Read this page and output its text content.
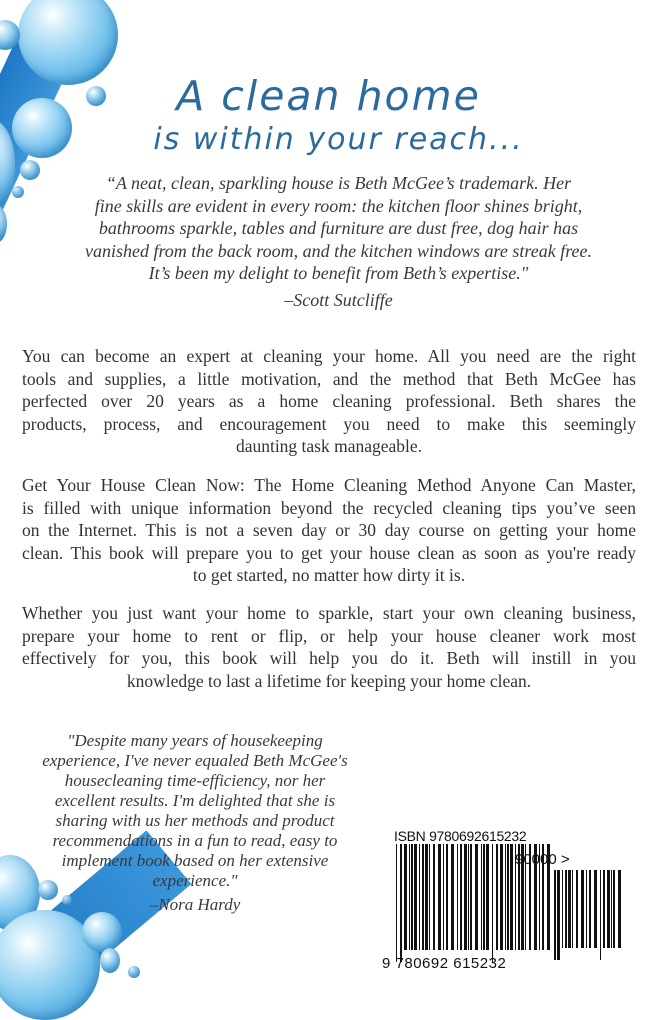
A clean home
is within your reach...
“A neat, clean, sparkling house is Beth McGee’s trademark. Her
fine skills are evident in every room: the kitchen floor shines bright,
bathrooms sparkle, tables and furniture are dust free, dog hair has
vanished from the back room, and the kitchen windows are streak free.
It’s been my delight to benefit from Beth’s expertise."
–Scott Sutcliffe
You can become an expert at cleaning your home. All you need are the right
tools and supplies, a little motivation, and the method that Beth McGee has
perfected over 20 years as a home cleaning professional. Beth shares the
products, process, and encouragement you need to make this seemingly
daunting task manageable.
Get Your House Clean Now: The Home Cleaning Method Anyone Can Master,
is filled with unique information beyond the recycled cleaning tips you’ve seen
on the Internet. This is not a seven day or 30 day course on getting your home
clean. This book will prepare you to get your house clean as soon as you're ready
to get started, no matter how dirty it is.
Whether you just want your home to sparkle, start your own cleaning business,
prepare your home to rent or flip, or help your house cleaner work most
effectively for you, this book will help you do it. Beth will instill in you
knowledge to last a lifetime for keeping your home clean.
"Despite many years of housekeeping
experience, I've never equaled Beth McGee's
housecleaning time-efficiency, nor her
excellent results. I'm delighted that she is
sharing with us her methods and product
recommendations in a fun to read, easy to
implement book based on her extensive
experience."
–Nora Hardy
ISBN 9780692615232
90000 >
9 780692 615232
